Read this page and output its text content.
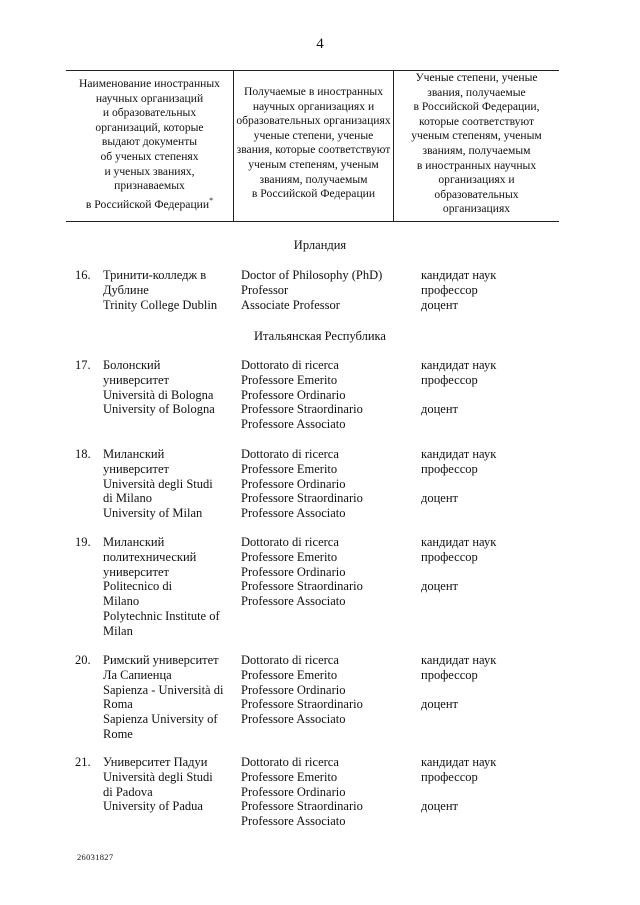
4
Наименование иностранных
научных организаций
и образовательных
организаций, которые
выдают документы
об ученых степенях
и ученых званиях,
признаваемых
в Российской Федерации*
Получаемые в иностранных
научных организациях и
образовательных организациях
ученые степени, ученые
звания, которые соответствуют
ученым степеням, ученым
званиям, получаемым
в Российской Федерации
Ученые степени, ученые
звания, получаемые
в Российской Федерации,
которые соответствуют
ученым степеням, ученым
званиям, получаемым
в иностранных научных
организациях и
образовательных
организациях
Ирландия
16. Тринити-колледж в
Дублине
Trinity College Dublin
Doctor of Philosophy (PhD)
Professor
Associate Professor
кандидат наук
профессор
доцент
Итальянская Республика
17. Болонский
университет
Università di Bologna
University of Bologna
Dottorato di ricerca
Professore Emerito
Professore Ordinario
Professore Straordinario
Professore Associato
кандидат наук
профессор
доцент
18. Миланский
университет
Università degli Studi
di Milano
University of Milan
Dottorato di ricerca
Professore Emerito
Professore Ordinario
Professore Straordinario
Professore Associato
кандидат наук
профессор
доцент
19. Миланский
политехнический
университет
Politecnico di
Milano
Polytechnic Institute of
Milan
Dottorato di ricerca
Professore Emerito
Professore Ordinario
Professore Straordinario
Professore Associato
кандидат наук
профессор
доцент
20. Римский университет
Ла Сапиенца
Sapienza - Università di
Roma
Sapienza University of
Rome
Dottorato di ricerca
Professore Emerito
Professore Ordinario
Professore Straordinario
Professore Associato
кандидат наук
профессор
доцент
21. Университет Падуи
Università degli Studi
di Padova
University of Padua
Dottorato di ricerca
Professore Emerito
Professore Ordinario
Professore Straordinario
Professore Associato
кандидат наук
профессор
доцент
26031827
